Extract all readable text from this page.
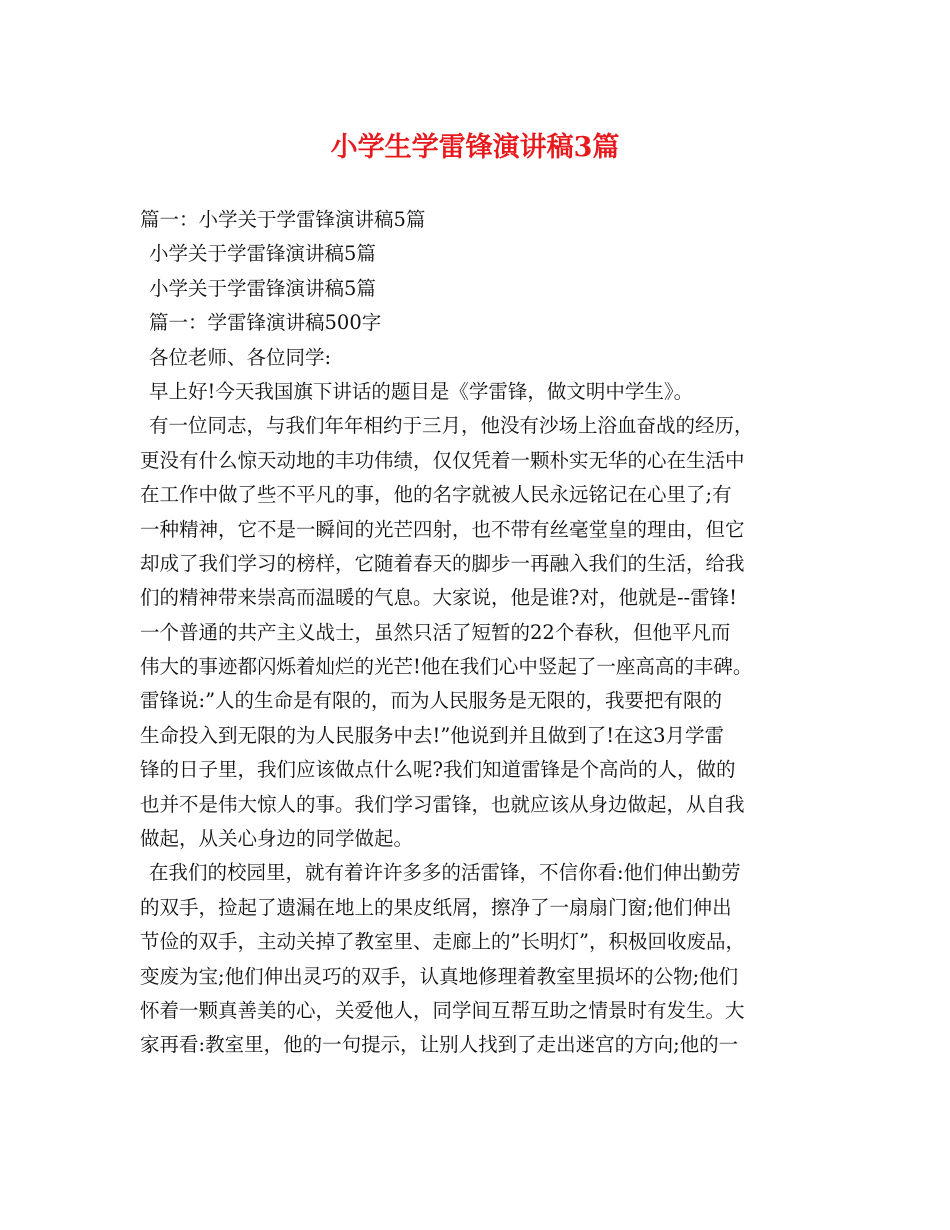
小学生学雷锋演讲稿3篇
篇一：小学关于学雷锋演讲稿5篇
小学关于学雷锋演讲稿5篇
小学关于学雷锋演讲稿5篇
篇一：学雷锋演讲稿500字
各位老师、各位同学:
早上好!今天我国旗下讲话的题目是《学雷锋，做文明中学生》。
有一位同志，与我们年年相约于三月，他没有沙场上浴血奋战的经历，
更没有什么惊天动地的丰功伟绩，仅仅凭着一颗朴实无华的心在生活中
在工作中做了些不平凡的事，他的名字就被人民永远铭记在心里了;有
一种精神，它不是一瞬间的光芒四射，也不带有丝毫堂皇的理由，但它
却成了我们学习的榜样，它随着春天的脚步一再融入我们的生活，给我
们的精神带来崇高而温暖的气息。大家说，他是谁?对，他就是--雷锋!
一个普通的共产主义战士，虽然只活了短暂的22个春秋，但他平凡而
伟大的事迹都闪烁着灿烂的光芒!他在我们心中竖起了一座高高的丰碑。
雷锋说:”人的生命是有限的，而为人民服务是无限的，我要把有限的
生命投入到无限的为人民服务中去!”他说到并且做到了!在这3月学雷
锋的日子里，我们应该做点什么呢?我们知道雷锋是个高尚的人，做的
也并不是伟大惊人的事。我们学习雷锋，也就应该从身边做起，从自我
做起，从关心身边的同学做起。
在我们的校园里，就有着许许多多的活雷锋，不信你看:他们伸出勤劳
的双手，捡起了遗漏在地上的果皮纸屑，擦净了一扇扇门窗;他们伸出
节俭的双手，主动关掉了教室里、走廊上的”长明灯”，积极回收废品，
变废为宝;他们伸出灵巧的双手，认真地修理着教室里损坏的公物;他们
怀着一颗真善美的心，关爱他人，同学间互帮互助之情景时有发生。大
家再看:教室里，他的一句提示，让别人找到了走出迷宫的方向;他的一
